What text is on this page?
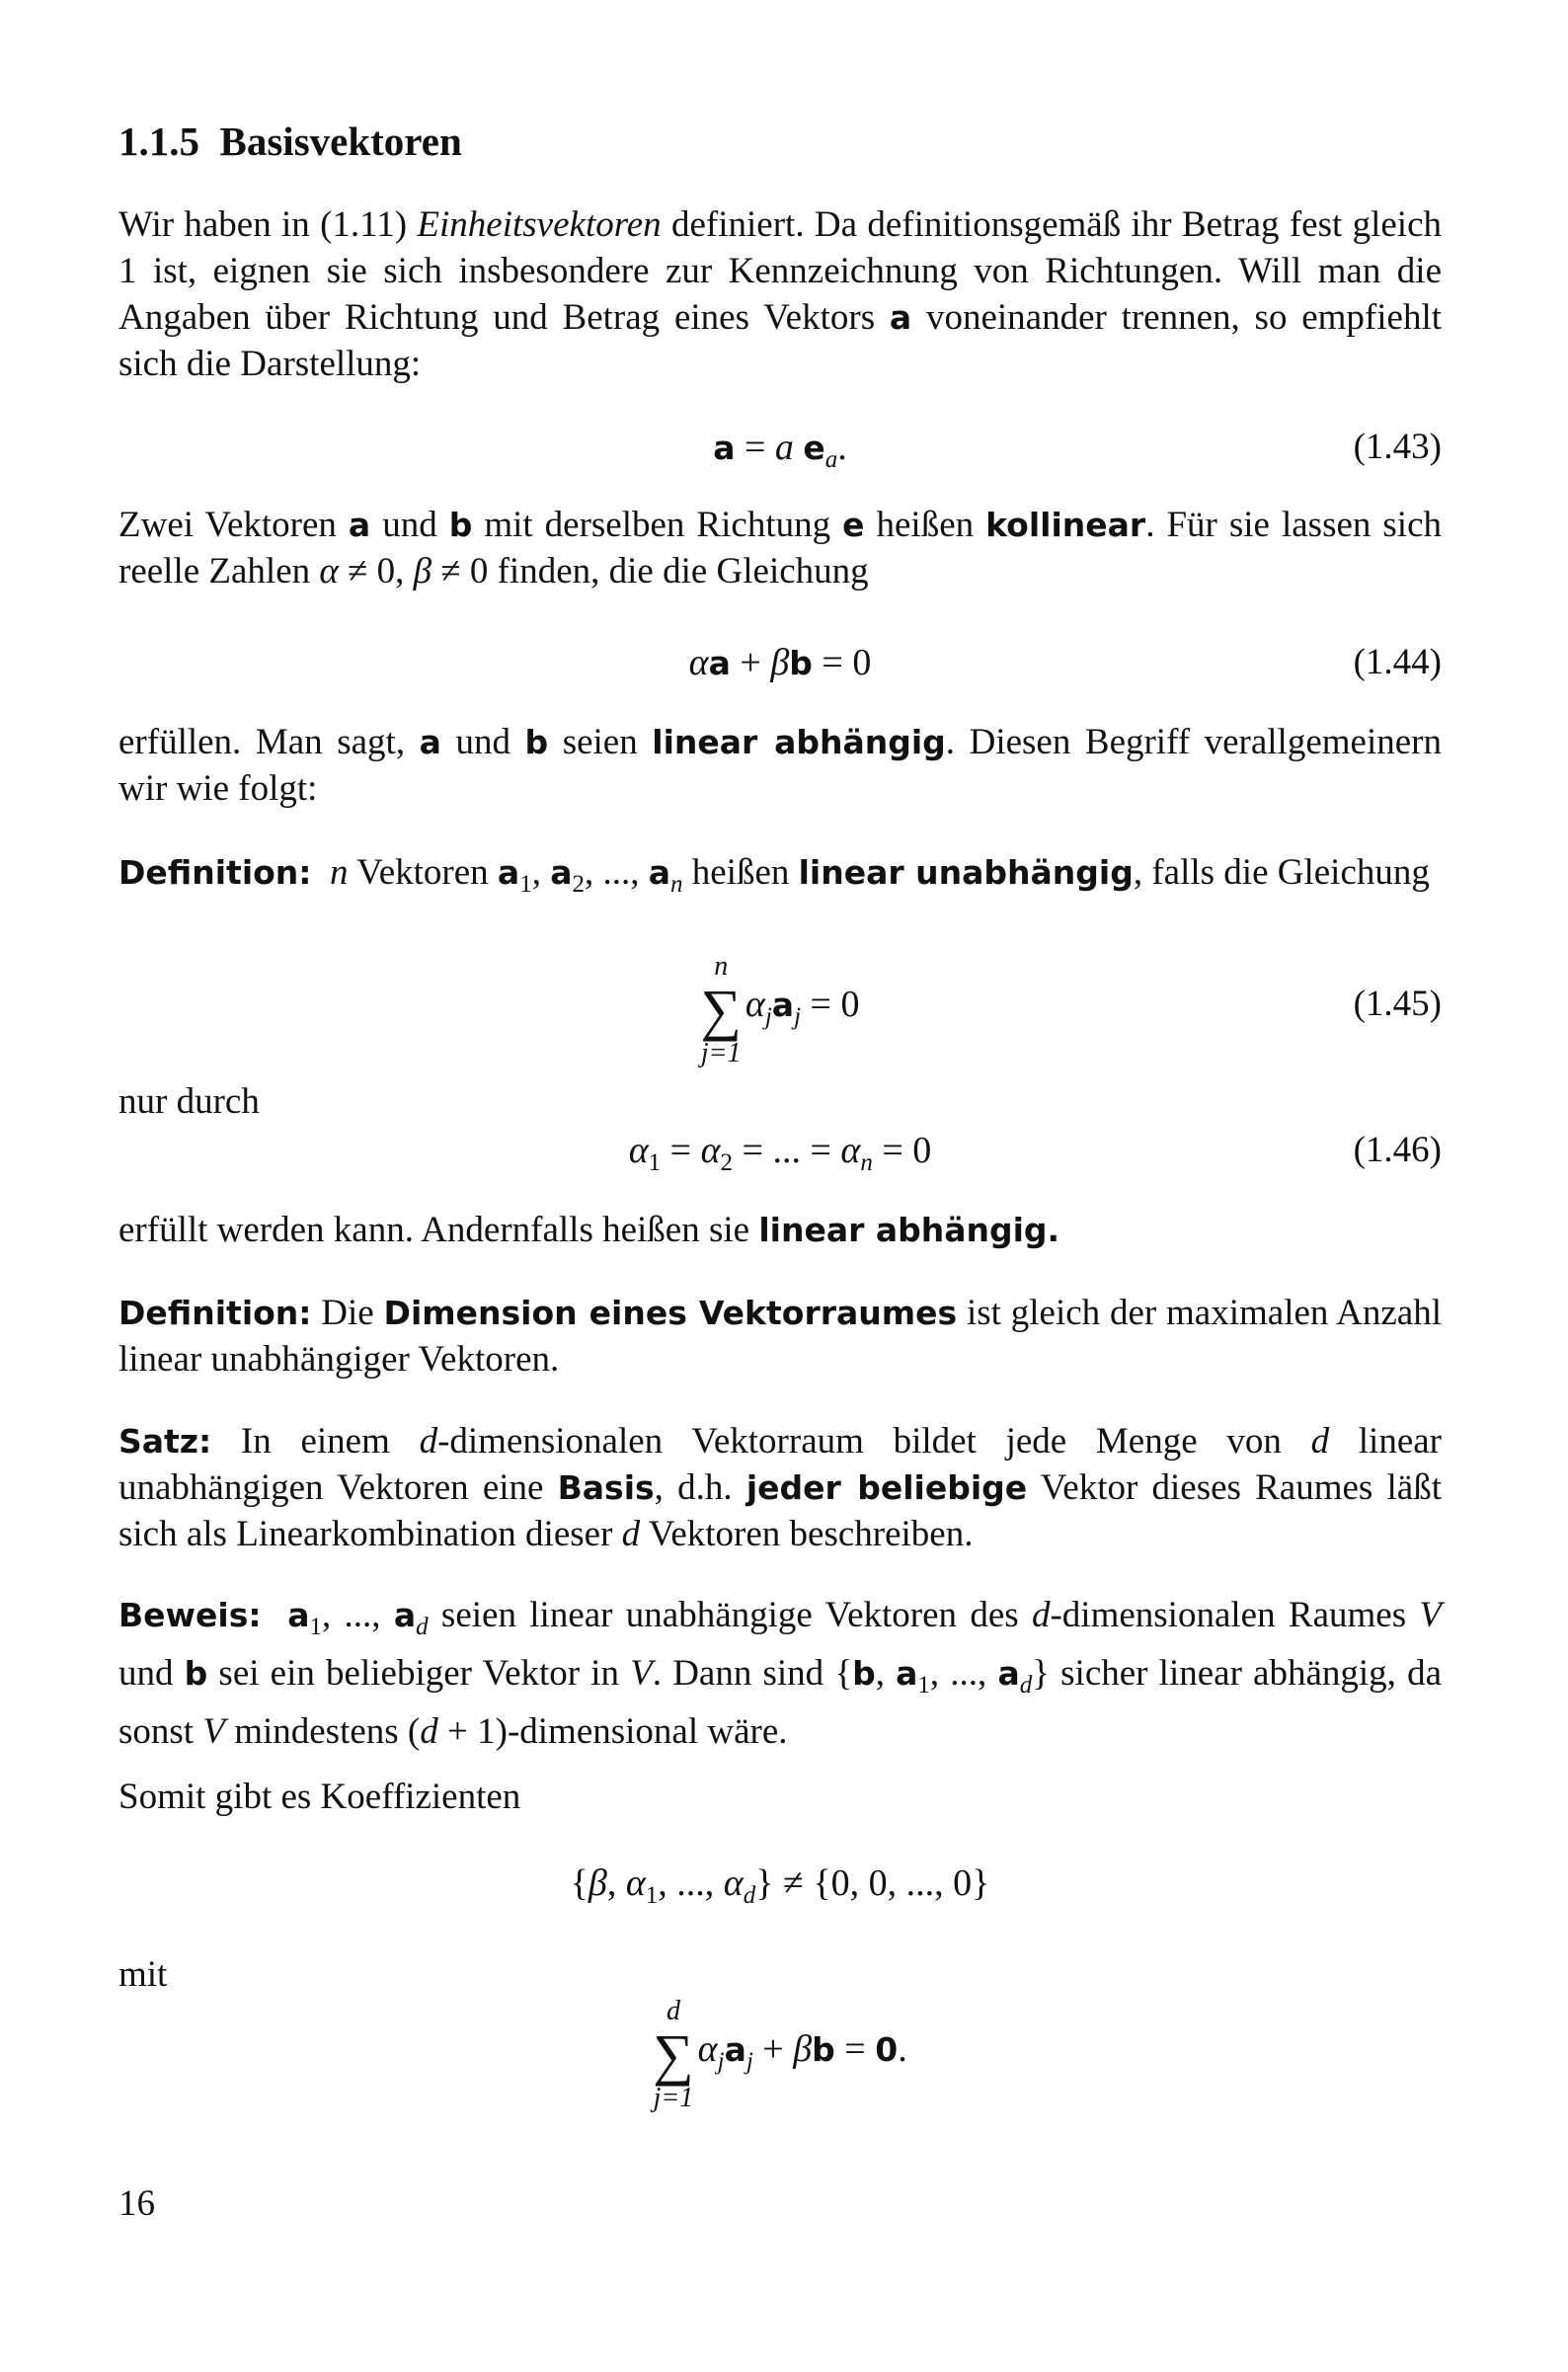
1.1.5 Basisvektoren
Wir haben in (1.11) Einheitsvektoren definiert. Da definitionsgemäß ihr Betrag fest gleich 1 ist, eignen sie sich insbesondere zur Kennzeichnung von Richtungen. Will man die Angaben über Richtung und Betrag eines Vektors a voneinander trennen, so empfiehlt sich die Darstellung:
a = a $e_a$.	(1.43)
Zwei Vektoren a und b mit derselben Richtung e heißen kollinear. Für sie lassen sich reelle Zahlen α ≠ 0, β ≠ 0 finden, die die Gleichung
αa + βb = 0	(1.44)
erfüllen. Man sagt, a und b seien linear abhängig. Diesen Begriff verallgemeinern wir wie folgt:
Definition: n Vektoren $a_1$, $a_2$, ..., $a_n$ heißen linear unabhängig, falls die Gleichung
n
∑
j=1
$\alpha_ja_j = 0$	(1.45)
nur durch
$\alpha_1 = \alpha_2$ = ... = $\alpha_n = 0$	(1.46)
erfüllt werden kann. Andernfalls heißen sie linear abhängig.
Definition: Die Dimension eines Vektorraumes ist gleich der maximalen Anzahl linear unabhängiger Vektoren.
Satz: In einem d-dimensionalen Vektorraum bildet jede Menge von d linear unabhängigen Vektoren eine Basis, d.h. jeder beliebige Vektor dieses Raumes läßt sich als Linearkombination dieser d Vektoren beschreiben.
Beweis: $a_1$, ..., $a_d$ seien linear unabhängige Vektoren des d-dimensionalen Raumes V und b sei ein beliebiger Vektor in V. Dann sind {b, $a_1$, ..., $a_d$} sicher linear abhängig, da sonst V mindestens (d + 1)-dimensional wäre.
Somit gibt es Koeffizienten
{β, $\alpha_1$, ..., $\alpha_d\} \ne \{0$, 0, ..., 0}
mit
d
∑
j=1
$\alpha_ja_j + \beta b = 0$.
16
